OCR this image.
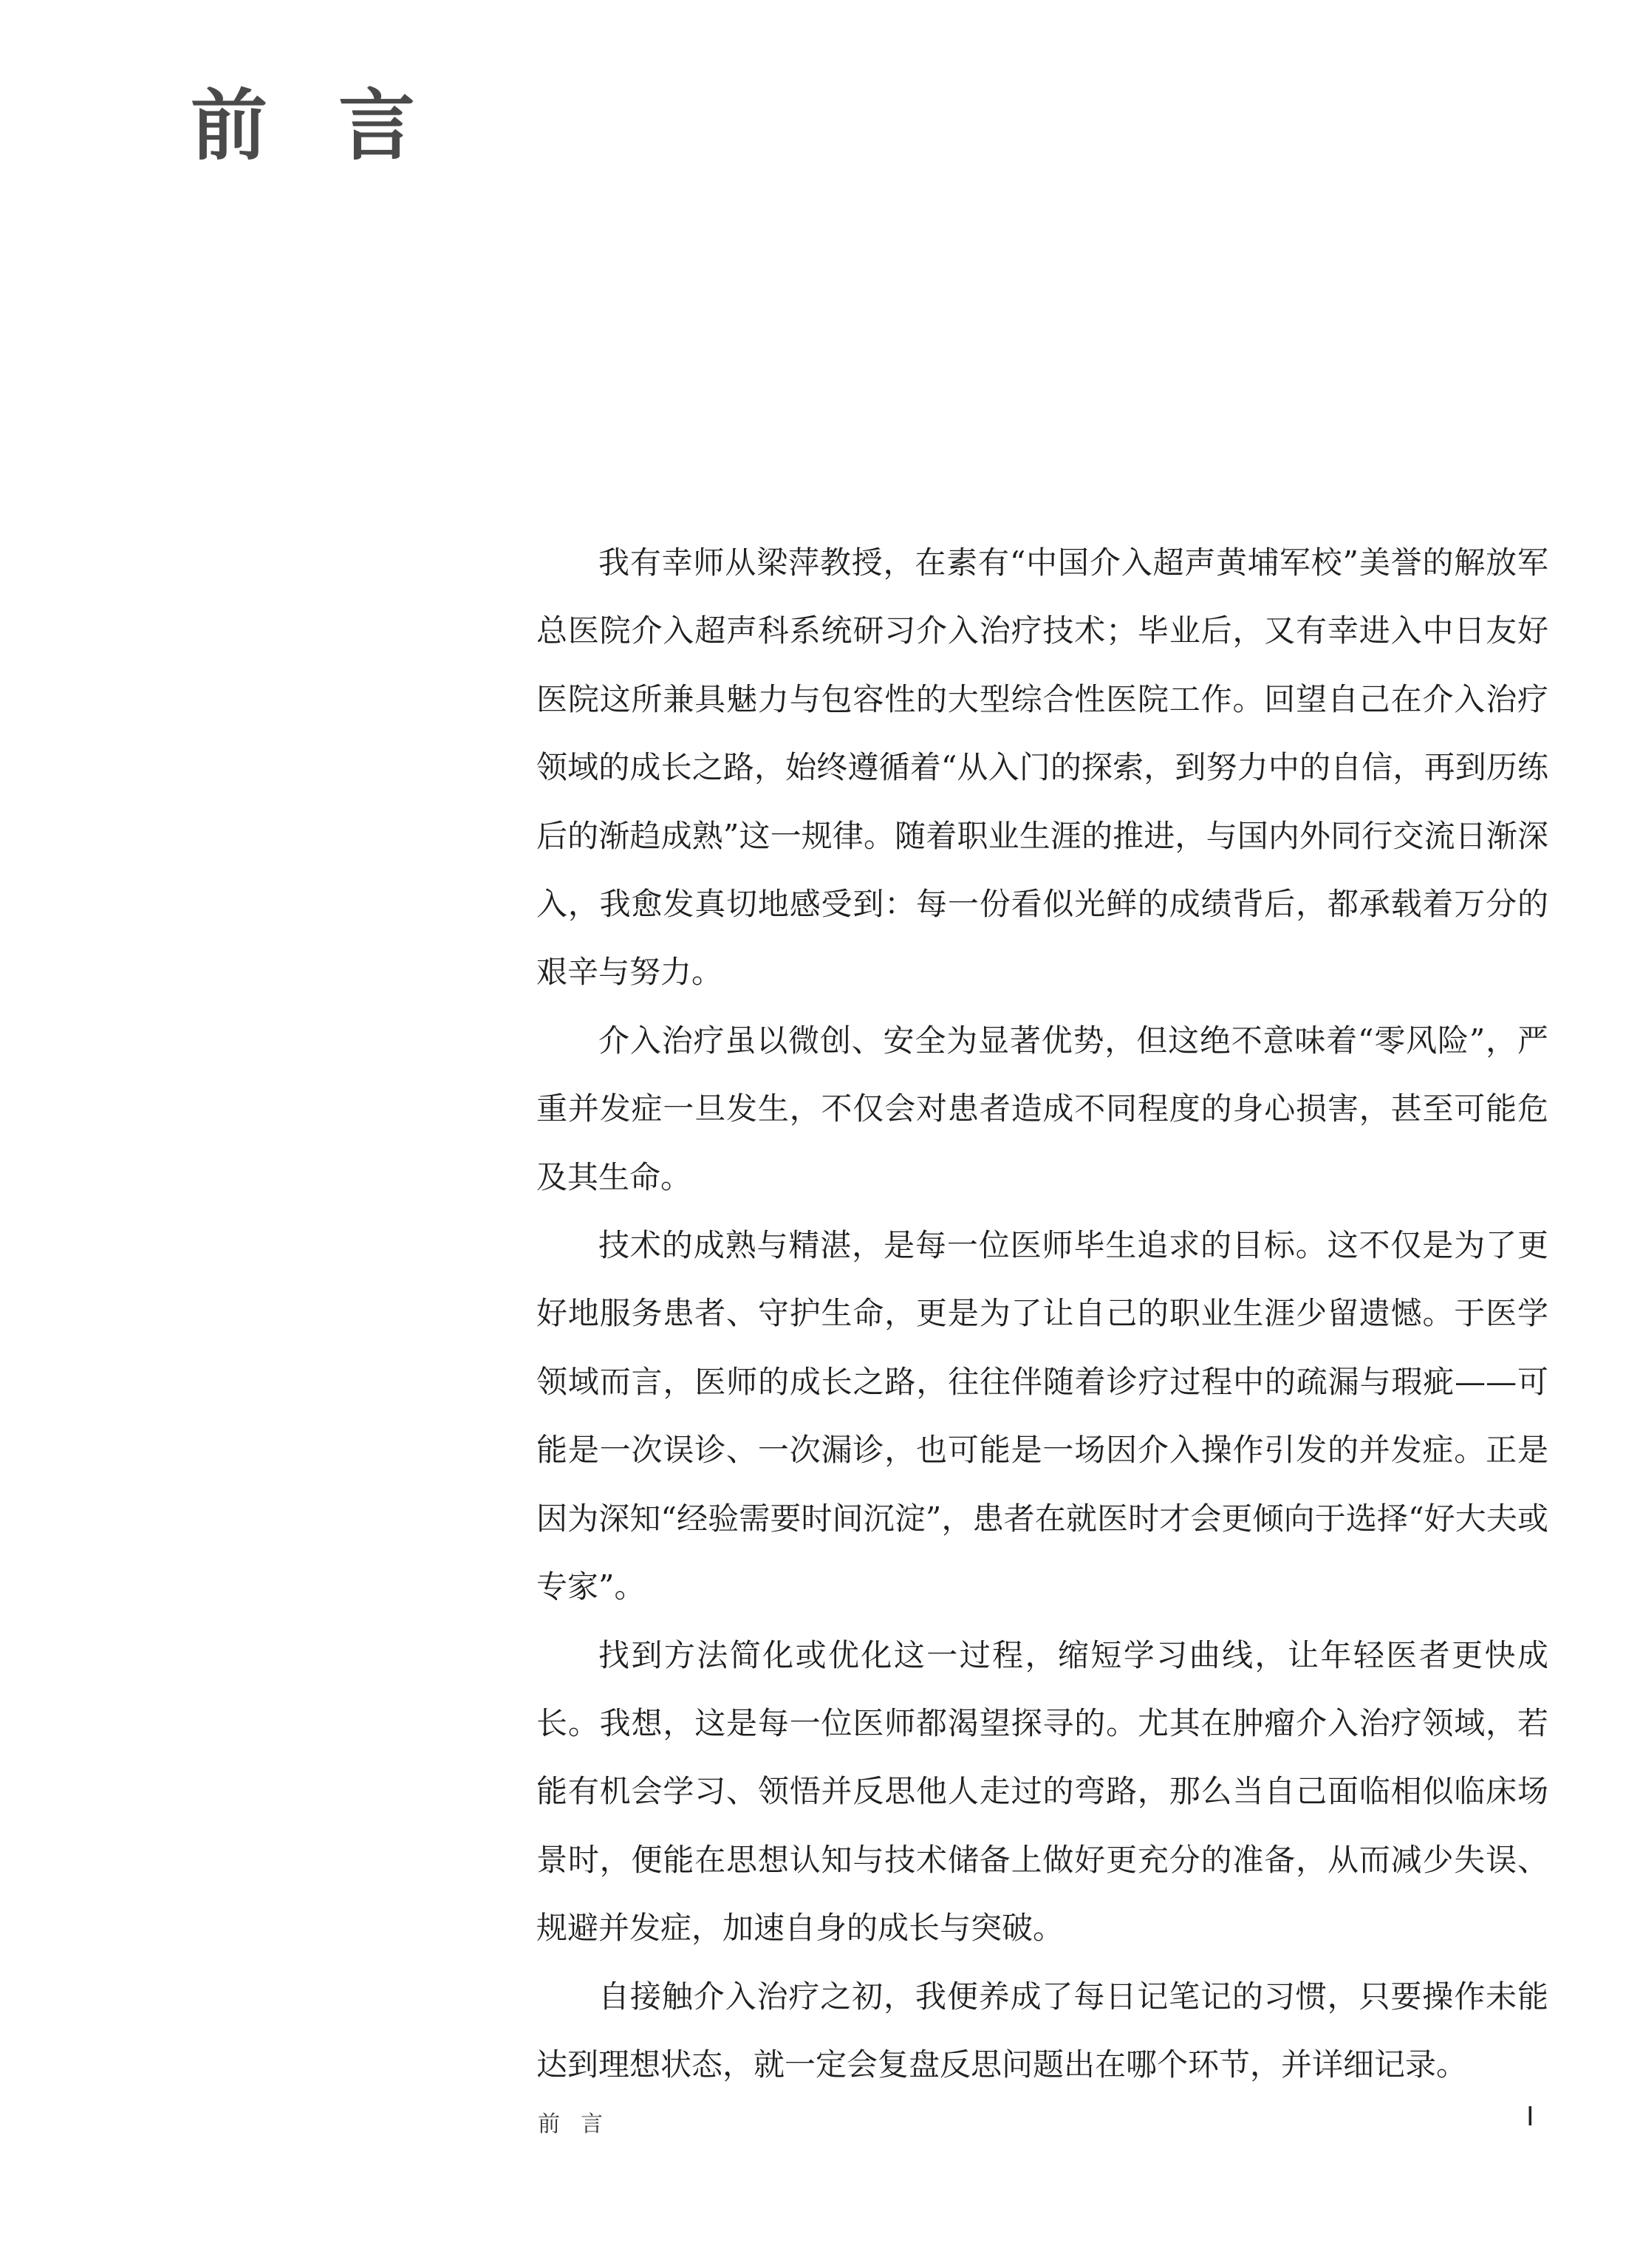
前言

我有幸师从梁萍教授，在素有“中国介入超声黄埔军校”美誉的解放军总医院介入超声科系统研习介入治疗技术；毕业后，又有幸进入中日友好医院这所兼具魅力与包容性的大型综合性医院工作。回望自己在介入治疗领域的成长之路，始终遵循着“从入门的探索，到努力中的自信，再到历练后的渐趋成熟”这一规律。随着职业生涯的推进，与国内外同行交流日渐深入，我愈发真切地感受到：每一份看似光鲜的成绩背后，都承载着万分的艰辛与努力。

介入治疗虽以微创、安全为显著优势，但这绝不意味着“零风险”，严重并发症一旦发生，不仅会对患者造成不同程度的身心损害，甚至可能危及其生命。

技术的成熟与精湛，是每一位医师毕生追求的目标。这不仅是为了更好地服务患者、守护生命，更是为了让自己的职业生涯少留遗憾。于医学领域而言，医师的成长之路，往往伴随着诊疗过程中的疏漏与瑕疵——可能是一次误诊、一次漏诊，也可能是一场因介入操作引发的并发症。正是因为深知“经验需要时间沉淀”，患者在就医时才会更倾向于选择“好大夫或专家”。

找到方法简化或优化这一过程，缩短学习曲线，让年轻医者更快成长。我想，这是每一位医师都渴望探寻的。尤其在肿瘤介入治疗领域，若能有机会学习、领悟并反思他人走过的弯路，那么当自己面临相似临床场景时，便能在思想认知与技术储备上做好更充分的准备，从而减少失误、规避并发症，加速自身的成长与突破。

自接触介入治疗之初，我便养成了每日记笔记的习惯，只要操作未能达到理想状态，就一定会复盘反思问题出在哪个环节，并详细记录。

前言	I
